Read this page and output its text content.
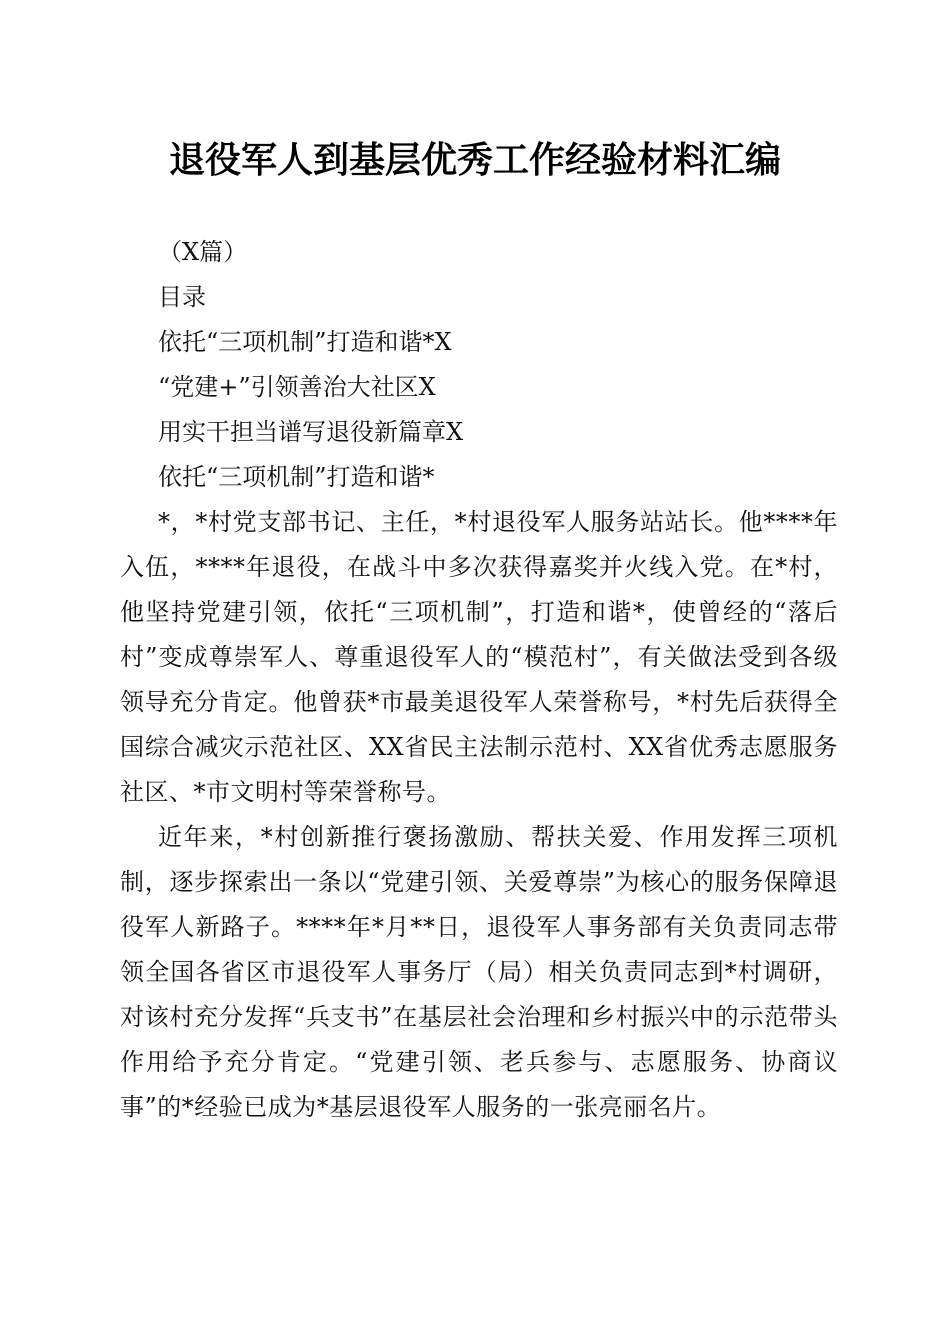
退役军人到基层优秀工作经验材料汇编
（X篇）
目录
依托“三项机制”打造和谐*X
“党建+”引领善治大社区X
用实干担当谱写退役新篇章X
依托“三项机制”打造和谐*

*，*村党支部书记、主任，*村退役军人服务站站长。他****年入伍，****年退役，在战斗中多次获得嘉奖并火线入党。在*村，他坚持党建引领，依托“三项机制”，打造和谐*，使曾经的“落后村”变成尊崇军人、尊重退役军人的“模范村”，有关做法受到各级领导充分肯定。他曾获*市最美退役军人荣誉称号，*村先后获得全国综合减灾示范社区、XX省民主法制示范村、XX省优秀志愿服务社区、*市文明村等荣誉称号。

近年来，*村创新推行褒扬激励、帮扶关爱、作用发挥三项机制，逐步探索出一条以“党建引领、关爱尊崇”为核心的服务保障退役军人新路子。****年*月**日，退役军人事务部有关负责同志带领全国各省区市退役军人事务厅（局）相关负责同志到*村调研，对该村充分发挥“兵支书”在基层社会治理和乡村振兴中的示范带头作用给予充分肯定。“党建引领、老兵参与、志愿服务、协商议事”的*经验已成为*基层退役军人服务的一张亮丽名片。
